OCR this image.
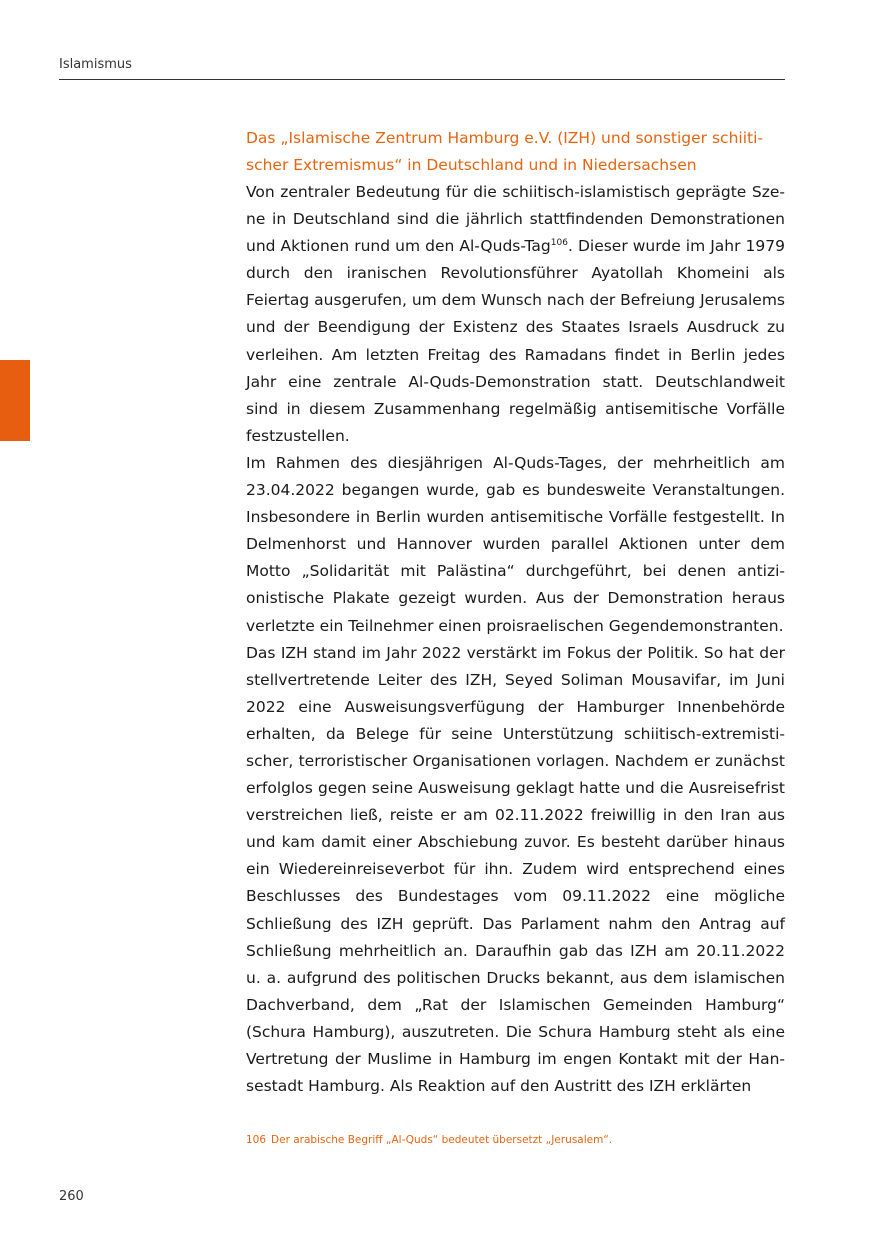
Islamismus
Das „Islamische Zentrum Hamburg e.V. (IZH) und sonstiger schiitischer Extremismus“ in Deutschland und in Niedersachsen

Von zentraler Bedeutung für die schiitisch-islamistisch geprägte Szene in Deutschland sind die jährlich stattfindenden Demonstrationen und Aktionen rund um den Al-Quds-Tag$^{106}$. Dieser wurde im Jahr 1979 durch den iranischen Revolutionsführer Ayatollah Khomeini als Feiertag ausgerufen, um dem Wunsch nach der Befreiung Jerusalems und der Beendigung der Existenz des Staates Israels Ausdruck zu verleihen. Am letzten Freitag des Ramadans findet in Berlin jedes Jahr eine zentrale Al-Quds-Demonstration statt. Deutschlandweit sind in diesem Zusammenhang regelmäßig antisemitische Vorfälle festzustellen.

Im Rahmen des diesjährigen Al-Quds-Tages, der mehrheitlich am 23.04.2022 begangen wurde, gab es bundesweite Veranstaltungen. Insbesondere in Berlin wurden antisemitische Vorfälle festgestellt. In Delmenhorst und Hannover wurden parallel Aktionen unter dem Motto „Solidarität mit Palästina“ durchgeführt, bei denen antizionistische Plakate gezeigt wurden. Aus der Demonstration heraus verletzte ein Teilnehmer einen proisraelischen Gegendemonstranten.

Das IZH stand im Jahr 2022 verstärkt im Fokus der Politik. So hat der stellvertretende Leiter des IZH, Seyed Soliman Mousavifar, im Juni 2022 eine Ausweisungsverfügung der Hamburger Innenbehörde erhalten, da Belege für seine Unterstützung schiitisch-extremistischer, terroristischer Organisationen vorlagen. Nachdem er zunächst erfolglos gegen seine Ausweisung geklagt hatte und die Ausreisefrist verstreichen ließ, reiste er am 02.11.2022 freiwillig in den Iran aus und kam damit einer Abschiebung zuvor. Es besteht darüber hinaus ein Wiedereinreiseverbot für ihn. Zudem wird entsprechend eines Beschlusses des Bundestages vom 09.11.2022 eine mögliche Schließung des IZH geprüft. Das Parlament nahm den Antrag auf Schließung mehrheitlich an. Daraufhin gab das IZH am 20.11.2022 u. a. aufgrund des politischen Drucks bekannt, aus dem islamischen Dachverband, dem „Rat der Islamischen Gemeinden Hamburg“ (Schura Hamburg), auszutreten. Die Schura Hamburg steht als eine Vertretung der Muslime in Hamburg im engen Kontakt mit der Hansestadt Hamburg. Als Reaktion auf den Austritt des IZH erklärten

106 Der arabische Begriff „Al-Quds“ bedeutet übersetzt „Jerusalem“.
260
